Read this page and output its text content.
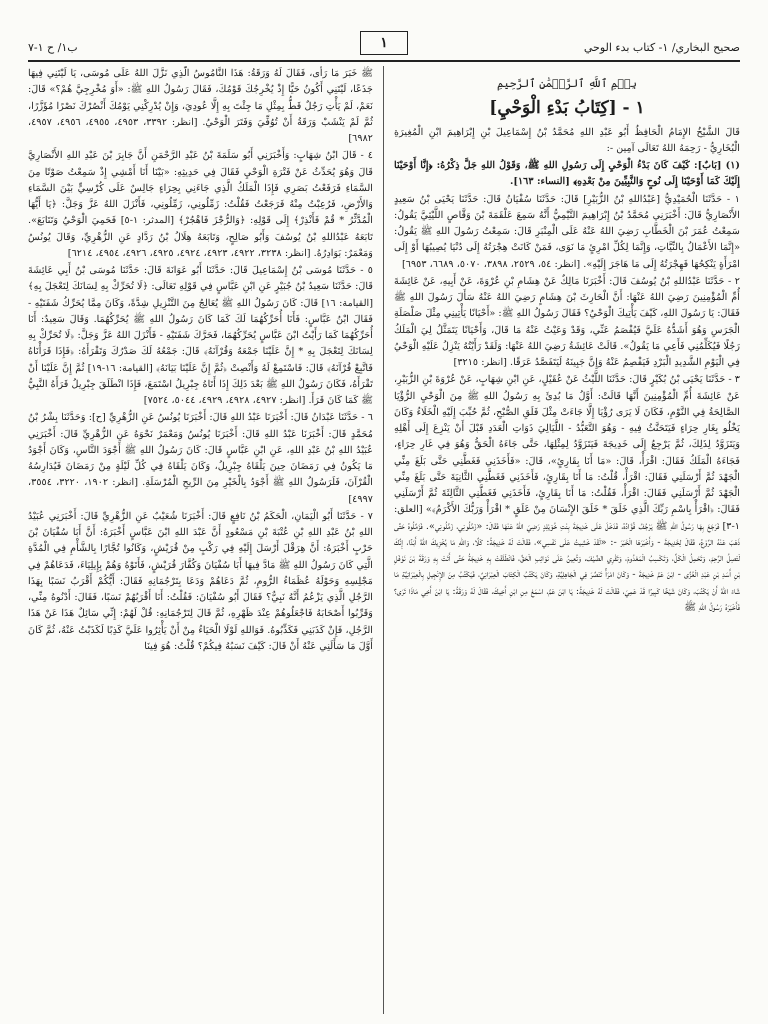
صحيح البخاري/ ١- كتاب بدء الوحي
ب١/ ح ١-٧	١
بِسۡمِ ٱللَّهِ ٱلرَّحۡمَٰنِ ٱلرَّحِيمِ
١ - [كِتَابُ بَدْءِ الْوَحْيِ]

قَالَ الشَّيْخُ الإِمَامُ الْحَافِظُ أَبُو عَبْدِ اللهِ مُحَمَّدُ بْنُ إِسْمَاعِيلَ بْنِ إِبْرَاهِيمَ ابْنِ الْمُغِيرَةِ الْبُخَارِيُّ - رَحِمَهُ اللهُ تَعَالَى آمِين -:

(١) [بَابٌ]: كَيْفَ كَانَ بَدْءُ الْوَحْيِ إِلَى رَسُولِ اللهِ ﷺ، وَقَوْلُ اللهِ جَلَّ ذِكْرُهُ: ﴿إِنَّا أَوْحَيْنَا إِلَيْكَ كَمَا أَوْحَيْنَا إِلَى نُوحٍ وَالنَّبِيِّينَ مِنْ بَعْدِهِ﴾ [النساء: ١٦٣].

١ - حَدَّثَنَا الْحُمَيْدِيُّ [عَبْدُاللهِ بْنُ الزُّبَيْرِ] قَالَ: حَدَّثَنَا سُفْيَانُ قَالَ: حَدَّثَنَا يَحْيَى بْنُ سَعِيدٍ الأَنْصَارِيُّ قَالَ: أَخْبَرَنِي مُحَمَّدُ بْنُ إِبْرَاهِيمَ التَّيْمِيُّ أَنَّهُ سَمِعَ عَلْقَمَةَ بْنَ وَقَّاصٍ اللَّيْثِيَّ يَقُولُ: سَمِعْتُ عُمَرَ بْنَ الْخَطَّابِ رَضِيَ اللهُ عَنْهُ عَلَى الْمِنْبَرِ قَالَ: سَمِعْتُ رَسُولَ اللهِ ﷺ يَقُولُ: «إِنَّمَا الأَعْمَالُ بِالنِّيَّاتِ، وَإِنَّمَا لِكُلِّ امْرِئٍ مَا نَوَى، فَمَنْ كَانَتْ هِجْرَتُهُ إِلَى دُنْيَا يُصِيبُهَا أَوْ إِلَى امْرَأَةٍ يَنْكِحُهَا فَهِجْرَتُهُ إِلَى مَا هَاجَرَ إِلَيْهِ». [انظر: ٥٤، ٢٥٢٩، ٣٨٩٨، ٥٠٧٠، ٦٦٨٩، ٦٩٥٣]

٢ - حَدَّثَنَا عَبْدُاللهِ بْنُ يُوسُفَ قَالَ: أَخْبَرَنَا مَالِكٌ عَنْ هِشَامِ بْنِ عُرْوَةَ، عَنْ أَبِيهِ، عَنْ عَائِشَةَ أُمِّ الْمُؤْمِنِينَ رَضِيَ اللهُ عَنْهَا: أَنَّ الْحَارِثَ بْنَ هِشَامٍ رَضِيَ اللهُ عَنْهُ سَأَلَ رَسُولَ اللهِ ﷺ فَقَالَ: يَا رَسُولَ اللهِ، كَيْفَ يَأْتِيكَ الْوَحْيُ؟ فَقَالَ رَسُولُ اللهِ ﷺ: «أَحْيَانًا يَأْتِينِي مِثْلَ صَلْصَلَةِ الْجَرَسِ وَهُوَ أَشَدُّهُ عَلَيَّ فَيُفْصَمُ عَنِّي، وَقَدْ وَعَيْتُ عَنْهُ مَا قَالَ، وَأَحْيَانًا يَتَمَثَّلُ لِيَ الْمَلَكُ رَجُلًا فَيُكَلِّمُنِي فَأَعِي مَا يَقُولُ». قَالَتْ عَائِشَةُ رَضِيَ اللهُ عَنْهَا: وَلَقَدْ رَأَيْتُهُ يَنْزِلُ عَلَيْهِ الْوَحْيُ فِي الْيَوْمِ الشَّدِيدِ الْبَرْدِ فَيَفْصِمُ عَنْهُ وَإِنَّ جَبِينَهُ لَيَتَفَصَّدُ عَرَقًا. [انظر: ٣٢١٥]

٣ - حَدَّثَنَا يَحْيَى بْنُ بُكَيْرٍ قَالَ: حَدَّثَنَا اللَّيْثُ عَنْ عُقَيْلٍ، عَنِ ابْنِ شِهَابٍ، عَنْ عُرْوَةَ بْنِ الزُّبَيْرِ، عَنْ عَائِشَةَ أُمِّ الْمُؤْمِنِينَ أَنَّهَا قَالَتْ: أَوَّلُ مَا بُدِئَ بِهِ رَسُولُ اللهِ ﷺ مِنَ الْوَحْيِ الرُّؤْيَا الصَّالِحَةُ فِي النَّوْمِ، فَكَانَ لَا يَرَى رُؤْيَا إِلَّا جَاءَتْ مِثْلَ فَلَقِ الصُّبْحِ، ثُمَّ حُبِّبَ إِلَيْهِ الْخَلَاءُ وَكَانَ يَخْلُو بِغَارِ حِرَاءٍ فَيَتَحَنَّثُ فِيهِ - وَهُوَ التَّعَبُّدُ - اللَّيَالِيَ ذَوَاتِ الْعَدَدِ قَبْلَ أَنْ يَنْزِعَ إِلَى أَهْلِهِ وَيَتَزَوَّدُ لِذَلِكَ، ثُمَّ يَرْجِعُ إِلَى خَدِيجَةَ فَيَتَزَوَّدُ لِمِثْلِهَا، حَتَّى جَاءَهُ الْحَقُّ وَهُوَ فِي غَارِ حِرَاءٍ، فَجَاءَهُ الْمَلَكُ فَقَالَ: اقْرَأْ، قَالَ: «مَا أَنَا بِقَارِئٍ»، قَالَ: «فَأَخَذَنِي فَغَطَّنِي حَتَّى بَلَغَ مِنِّي الْجَهْدَ ثُمَّ أَرْسَلَنِي فَقَالَ: اقْرَأْ، قُلْتُ: مَا أَنَا بِقَارِئٍ، فَأَخَذَنِي فَغَطَّنِي الثَّانِيَةَ حَتَّى بَلَغَ مِنِّي الْجَهْدَ ثُمَّ أَرْسَلَنِي فَقَالَ: اقْرَأْ، فَقُلْتُ: مَا أَنَا بِقَارِئٍ، فَأَخَذَنِي فَغَطَّنِي الثَّالِثَةَ ثُمَّ أَرْسَلَنِي فَقَالَ: ﴿اقْرَأْ بِاسْمِ رَبِّكَ الَّذِي خَلَقَ * خَلَقَ الإِنْسَانَ مِنْ عَلَقٍ * اقْرَأْ وَرَبُّكَ الأَكْرَمُ﴾» [العلق: ١-٣] فَرَجَعَ بِهَا رَسُولُ اللهِ ﷺ يَرْجُفُ فُؤَادُهُ، فَدَخَلَ عَلَى خَدِيجَةَ بِنْتِ خُوَيْلِدٍ رَضِيَ اللهُ عَنْهَا فَقَالَ: «زَمِّلُونِي، زَمِّلُونِي». فَزَمَّلُوهُ حَتَّى ذَهَبَ عَنْهُ الرَّوْعُ، فَقَالَ لِخَدِيجَةَ - وَأَخْبَرَهَا الْخَبَرَ -: «لَقَدْ خَشِيتُ عَلَى نَفْسِي»، فَقَالَتْ لَهُ خَدِيجَةُ: كَلَّا، وَاللهِ مَا يُخْزِيكَ اللهُ أَبَدًا، إِنَّكَ لَتَصِلُ الرَّحِمَ، وَتَحْمِلُ الْكَلَّ، وَتَكْسِبُ الْمَعْدُومَ، وَتَقْرِي الضَّيْفَ، وَتُعِينُ عَلَى نَوَائِبِ الْحَقِّ، فَانْطَلَقَتْ بِهِ خَدِيجَةُ حَتَّى أَتَتْ بِهِ وَرَقَةَ بْنَ نَوْفَلِ بْنِ أَسَدِ بْنِ عَبْدِ الْعُزَّى - ابْنَ عَمِّ خَدِيجَةَ - وَكَانَ امْرَأً تَنَصَّرَ فِي الْجَاهِلِيَّةِ، وَكَانَ يَكْتُبُ الْكِتَابَ الْعِبْرَانِيَّ، فَيَكْتُبُ مِنَ الإِنْجِيلِ بِالْعِبْرَانِيَّةِ مَا شَاءَ اللهُ أَنْ يَكْتُبَ، وَكَانَ شَيْخًا كَبِيرًا قَدْ عَمِيَ، فَقَالَتْ لَهُ خَدِيجَةُ: يَا ابْنَ عَمِّ، اسْمَعْ مِنِ ابْنِ أَخِيكَ، فَقَالَ لَهُ وَرَقَةُ: يَا ابْنَ أَخِي مَاذَا تَرَى؟ فَأَخْبَرَهُ رَسُولُ اللهِ ﷺ

ﷺ خَبَرَ مَا رَأَى، فَقَالَ لَهُ وَرَقَةُ: هَذَا النَّامُوسُ الَّذِي نَزَّلَ اللهُ عَلَى مُوسَى، يَا لَيْتَنِي فِيهَا جَذَعًا، لَيْتَنِي أَكُونُ حَيًّا إِذْ يُخْرِجُكَ قَوْمُكَ، فَقَالَ رَسُولُ اللهِ ﷺ: «أَوَ مُخْرِجِيَّ هُمْ؟» قَالَ: نَعَمْ، لَمْ يَأْتِ رَجُلٌ قَطُّ بِمِثْلِ مَا جِئْتَ بِهِ إِلَّا عُودِيَ، وَإِنْ يُدْرِكْنِي يَوْمُكَ أَنْصُرْكَ نَصْرًا مُؤَزَّرًا، ثُمَّ لَمْ يَنْشَبْ وَرَقَةُ أَنْ تُوُفِّيَ وَفَتَرَ الْوَحْيُ. [انظر: ٣٣٩٢، ٤٩٥٣، ٤٩٥٥، ٤٩٥٦، ٤٩٥٧، ٦٩٨٢]

٤ - قَالَ ابْنُ شِهَابٍ: وَأَخْبَرَنِي أَبُو سَلَمَةَ بْنُ عَبْدِ الرَّحْمَنِ أَنَّ جَابِرَ بْنَ عَبْدِ اللهِ الأَنْصَارِيَّ قَالَ وَهُوَ يُحَدِّثُ عَنْ فَتْرَةِ الْوَحْيِ فَقَالَ فِي حَدِيثِهِ: «بَيْنَا أَنَا أَمْشِي إِذْ سَمِعْتُ صَوْتًا مِنَ السَّمَاءِ فَرَفَعْتُ بَصَرِي فَإِذَا الْمَلَكُ الَّذِي جَاءَنِي بِحِرَاءٍ جَالِسٌ عَلَى كُرْسِيٍّ بَيْنَ السَّمَاءِ وَالأَرْضِ، فَرُعِبْتُ مِنْهُ فَرَجَعْتُ فَقُلْتُ: زَمِّلُونِي، زَمِّلُونِي، فَأَنْزَلَ اللهُ عَزَّ وَجَلَّ: ﴿يَا أَيُّهَا الْمُدَّثِّرُ * قُمْ فَأَنْذِرْ﴾ إِلَى قَوْلِهِ: ﴿وَالرُّجْزَ فَاهْجُرْ﴾ [المدثر: ١-٥] فَحَمِيَ الْوَحْيُ وَتَتَابَعَ». تَابَعَهُ عَبْدُاللهِ بْنُ يُوسُفَ وَأَبُو صَالِحٍ، وَتَابَعَهُ هِلَالُ بْنُ رَدَّادٍ عَنِ الزُّهْرِيِّ، وَقَالَ يُونُسُ وَمَعْمَرٌ: بَوَادِرُهُ. [انظر: ٣٢٣٨، ٤٩٢٢، ٤٩٢٣، ٤٩٢٤، ٤٩٢٥، ٤٩٢٦، ٤٩٥٤، ٦٢١٤]

٥ - حَدَّثَنَا مُوسَى بْنُ إِسْمَاعِيلَ قَالَ: حَدَّثَنَا أَبُو عَوَانَةَ قَالَ: حَدَّثَنَا مُوسَى بْنُ أَبِي عَائِشَةَ قَالَ: حَدَّثَنَا سَعِيدُ بْنُ جُبَيْرٍ عَنِ ابْنِ عَبَّاسٍ فِي قَوْلِهِ تَعَالَى: ﴿لَا تُحَرِّكْ بِهِ لِسَانَكَ لِتَعْجَلَ بِهِ﴾ [القيامة: ١٦] قَالَ: كَانَ رَسُولُ اللهِ ﷺ يُعَالِجُ مِنَ التَّنْزِيلِ شِدَّةً، وَكَانَ مِمَّا يُحَرِّكُ شَفَتَيْهِ - فَقَالَ ابْنُ عَبَّاسٍ: فَأَنَا أُحَرِّكُهُمَا لَكَ كَمَا كَانَ رَسُولُ اللهِ ﷺ يُحَرِّكُهُمَا. وَقَالَ سَعِيدٌ: أَنَا أُحَرِّكُهُمَا كَمَا رَأَيْتُ ابْنَ عَبَّاسٍ يُحَرِّكُهُمَا، فَحَرَّكَ شَفَتَيْهِ - فَأَنْزَلَ اللهُ عَزَّ وَجَلَّ: ﴿لَا تُحَرِّكْ بِهِ لِسَانَكَ لِتَعْجَلَ بِهِ * إِنَّ عَلَيْنَا جَمْعَهُ وَقُرْآنَهُ﴾ قَالَ: جَمْعُهُ لَكَ صَدْرُكَ وَتَقْرَأَهُ: ﴿فَإِذَا قَرَأْنَاهُ فَاتَّبِعْ قُرْآنَهُ﴾ قَالَ: فَاسْتَمِعْ لَهُ وَأَنْصِتْ ﴿ثُمَّ إِنَّ عَلَيْنَا بَيَانَهُ﴾ [القيامة: ١٦-١٩] ثُمَّ إِنَّ عَلَيْنَا أَنْ تَقْرَأَهُ، فَكَانَ رَسُولُ اللهِ ﷺ بَعْدَ ذَلِكَ إِذَا أَتَاهُ جِبْرِيلُ اسْتَمَعَ، فَإِذَا انْطَلَقَ جِبْرِيلُ قَرَأَهُ النَّبِيُّ ﷺ كَمَا كَانَ قَرَأَ. [انظر: ٤٩٢٧، ٤٩٢٨، ٤٩٢٩، ٥٠٤٤، ٧٥٢٤]

٦ - حَدَّثَنَا عَبْدَانُ قَالَ: أَخْبَرَنَا عَبْدُ اللهِ قَالَ: أَخْبَرَنَا يُونُسُ عَنِ الزُّهْرِيِّ [ح]: وَحَدَّثَنَا بِشْرُ بْنُ مُحَمَّدٍ قَالَ: أَخْبَرَنَا عَبْدُ اللهِ قَالَ: أَخْبَرَنَا يُونُسُ وَمَعْمَرٌ نَحْوَهُ عَنِ الزُّهْرِيِّ قَالَ: أَخْبَرَنِي عُبَيْدُ اللهِ بْنُ عَبْدِ اللهِ، عَنِ ابْنِ عَبَّاسٍ قَالَ: كَانَ رَسُولُ اللهِ ﷺ أَجْوَدَ النَّاسِ، وَكَانَ أَجْوَدُ مَا يَكُونُ فِي رَمَضَانَ حِينَ يَلْقَاهُ جِبْرِيلُ، وَكَانَ يَلْقَاهُ فِي كُلِّ لَيْلَةٍ مِنْ رَمَضَانَ فَيُدَارِسُهُ الْقُرْآنَ، فَلَرَسُولُ اللهِ ﷺ أَجْوَدُ بِالْخَيْرِ مِنَ الرِّيحِ الْمُرْسَلَةِ. [انظر: ١٩٠٢، ٣٢٢٠، ٣٥٥٤، ٤٩٩٧]

٧ - حَدَّثَنَا أَبُو الْيَمَانِ، الْحَكَمُ بْنُ نَافِعٍ قَالَ: أَخْبَرَنَا شُعَيْبٌ عَنِ الزُّهْرِيِّ قَالَ: أَخْبَرَنِي عُبَيْدُ اللهِ بْنُ عَبْدِ اللهِ بْنِ عُتْبَةَ بْنِ مَسْعُودٍ أَنَّ عَبْدَ اللهِ ابْنَ عَبَّاسٍ أَخْبَرَهُ: أَنَّ أَبَا سُفْيَانَ بْنَ حَرْبٍ أَخْبَرَهُ: أَنَّ هِرَقْلَ أَرْسَلَ إِلَيْهِ فِي رَكْبٍ مِنْ قُرَيْشٍ، وَكَانُوا تُجَّارًا بِالشَّأْمِ فِي الْمُدَّةِ الَّتِي كَانَ رَسُولُ اللهِ ﷺ مَادَّ فِيهَا أَبَا سُفْيَانَ وَكُفَّارَ قُرَيْشٍ، فَأَتَوْهُ وَهُمْ بِإِيلِيَاءَ، فَدَعَاهُمْ فِي مَجْلِسِهِ وَحَوْلَهُ عُظَمَاءُ الرُّومِ، ثُمَّ دَعَاهُمْ وَدَعَا بِتَرْجُمَانِهِ فَقَالَ: أَيُّكُمْ أَقْرَبُ نَسَبًا بِهَذَا الرَّجُلِ الَّذِي يَزْعُمُ أَنَّهُ نَبِيٌّ؟ فَقَالَ أَبُو سُفْيَانَ: فَقُلْتُ: أَنَا أَقْرَبُهُمْ نَسَبًا، فَقَالَ: أَدْنُوهُ مِنِّي، وَقَرِّبُوا أَصْحَابَهُ فَاجْعَلُوهُمْ عِنْدَ ظَهْرِهِ، ثُمَّ قَالَ لِتَرْجُمَانِهِ: قُلْ لَهُمْ: إِنِّي سَائِلٌ هَذَا عَنْ هَذَا الرَّجُلِ، فَإِنْ كَذَبَنِي فَكَذِّبُوهُ. فَوَاللهِ لَوْلَا الْحَيَاءُ مِنْ أَنْ يَأْثِرُوا عَلَيَّ كَذِبًا لَكَذَبْتُ عَنْهُ، ثُمَّ كَانَ أَوَّلَ مَا سَأَلَنِي عَنْهُ أَنْ قَالَ: كَيْفَ نَسَبُهُ فِيكُمْ؟ قُلْتُ: هُوَ فِينَا
